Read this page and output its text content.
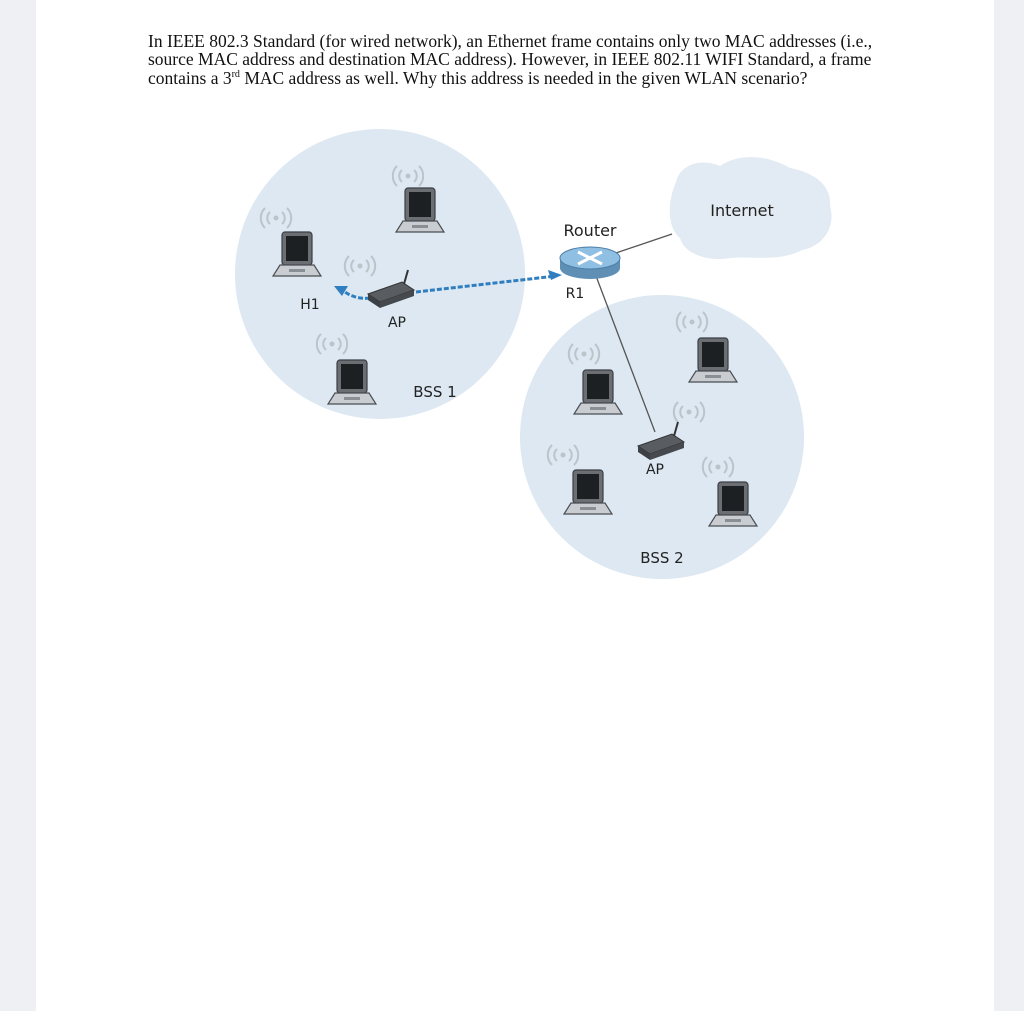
In IEEE 802.3 Standard (for wired network), an Ethernet frame contains only two MAC addresses (i.e., source MAC address and destination MAC address). However, in IEEE 802.11 WIFI Standard, a frame contains a 3rd MAC address as well. Why this address is needed in the given WLAN scenario?

Internet
Router
R1
H1
AP
BSS 1
AP
BSS 2
